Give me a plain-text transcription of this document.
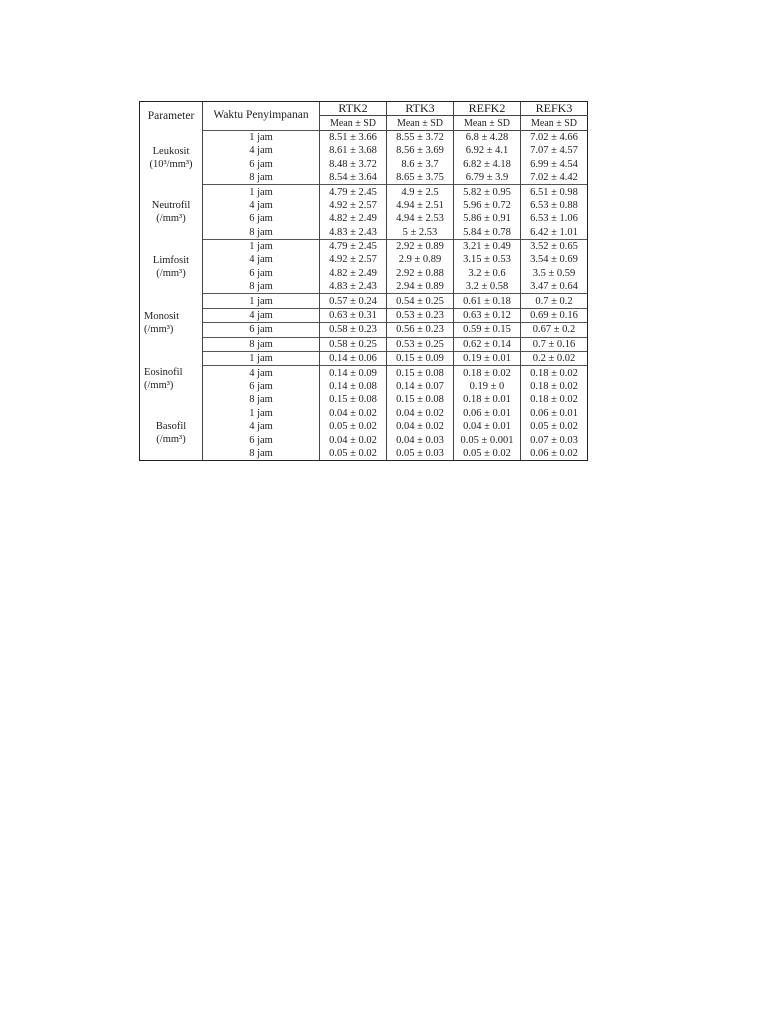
Parameter	Waktu Penyimpanan	RTK2	RTK3	REFK2	REFK3
		Mean ± SD	Mean ± SD	Mean ± SD	Mean ± SD

Leukosit
(10³/mm³)	1 jam	8.51 ± 3.66	8.55 ± 3.72	6.8 ± 4.28	7.02 ± 4.66
	4 jam	8.61 ± 3.68	8.56 ± 3.69	6.92 ± 4.1	7.07 ± 4.57
	6 jam	8.48 ± 3.72	8.6 ± 3.7	6.82 ± 4.18	6.99 ± 4.54
	8 jam	8.54 ± 3.64	8.65 ± 3.75	6.79 ± 3.9	7.02 ± 4.42

Neutrofil
(/mm³)	1 jam	4.79 ± 2.45	4.9 ± 2.5	5.82 ± 0.95	6.51 ± 0.98
	4 jam	4.92 ± 2.57	4.94 ± 2.51	5.96 ± 0.72	6.53 ± 0.88
	6 jam	4.82 ± 2.49	4.94 ± 2.53	5.86 ± 0.91	6.53 ± 1.06
	8 jam	4.83 ± 2.43	5 ± 2.53	5.84 ± 0.78	6.42 ± 1.01

Limfosit
(/mm³)	1 jam	4.79 ± 2.45	2.92 ± 0.89	3.21 ± 0.49	3.52 ± 0.65
	4 jam	4.92 ± 2.57	2.9 ± 0.89	3.15 ± 0.53	3.54 ± 0.69
	6 jam	4.82 ± 2.49	2.92 ± 0.88	3.2 ± 0.6	3.5 ± 0.59
	8 jam	4.83 ± 2.43	2.94 ± 0.89	3.2 ± 0.58	3.47 ± 0.64

Monosit
(/mm³)	1 jam	0.57 ± 0.24	0.54 ± 0.25	0.61 ± 0.18	0.7 ± 0.2
	4 jam	0.63 ± 0.31	0.53 ± 0.23	0.63 ± 0.12	0.69 ± 0.16
	6 jam	0.58 ± 0.23	0.56 ± 0.23	0.59 ± 0.15	0.67 ± 0.2
	8 jam	0.58 ± 0.25	0.53 ± 0.25	0.62 ± 0.14	0.7 ± 0.16

Eosinofil
(/mm³)	1 jam	0.14 ± 0.06	0.15 ± 0.09	0.19 ± 0.01	0.2 ± 0.02
	4 jam	0.14 ± 0.09	0.15 ± 0.08	0.18 ± 0.02	0.18 ± 0.02
	6 jam	0.14 ± 0.08	0.14 ± 0.07	0.19 ± 0	0.18 ± 0.02
	8 jam	0.15 ± 0.08	0.15 ± 0.08	0.18 ± 0.01	0.18 ± 0.02

Basofil
(/mm³)	1 jam	0.04 ± 0.02	0.04 ± 0.02	0.06 ± 0.01	0.06 ± 0.01
	4 jam	0.05 ± 0.02	0.04 ± 0.02	0.04 ± 0.01	0.05 ± 0.02
	6 jam	0.04 ± 0.02	0.04 ± 0.03	0.05 ± 0.001	0.07 ± 0.03
	8 jam	0.05 ± 0.02	0.05 ± 0.03	0.05 ± 0.02	0.06 ± 0.02
